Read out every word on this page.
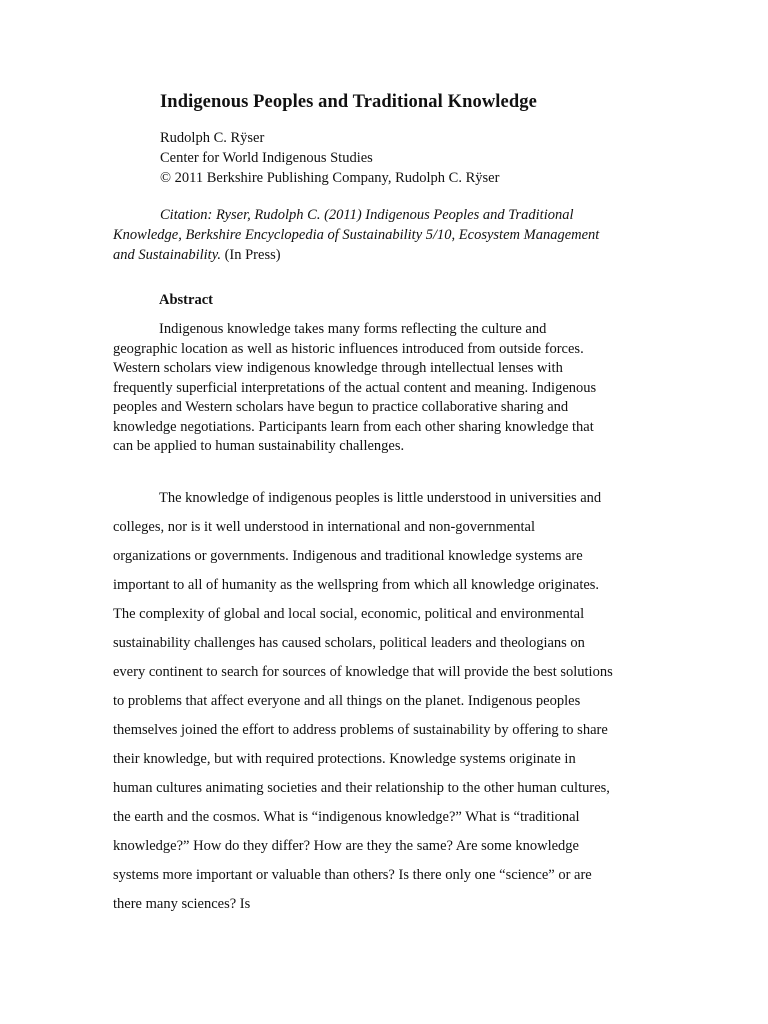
Indigenous Peoples and Traditional Knowledge
Rudolph C. Rÿser
Center for World Indigenous Studies
© 2011 Berkshire Publishing Company, Rudolph C. Rÿser

Citation: Ryser, Rudolph C. (2011) Indigenous Peoples and Traditional Knowledge, Berkshire Encyclopedia of Sustainability 5/10, Ecosystem Management and Sustainability. (In Press)

Abstract

Indigenous knowledge takes many forms reflecting the culture and geographic location as well as historic influences introduced from outside forces. Western scholars view indigenous knowledge through intellectual lenses with frequently superficial interpretations of the actual content and meaning. Indigenous peoples and Western scholars have begun to practice collaborative sharing and knowledge negotiations. Participants learn from each other sharing knowledge that can be applied to human sustainability challenges.

The knowledge of indigenous peoples is little understood in universities and colleges, nor is it well understood in international and non-governmental organizations or governments. Indigenous and traditional knowledge systems are important to all of humanity as the wellspring from which all knowledge originates. The complexity of global and local social, economic, political and environmental sustainability challenges has caused scholars, political leaders and theologians on every continent to search for sources of knowledge that will provide the best solutions to problems that affect everyone and all things on the planet. Indigenous peoples themselves joined the effort to address problems of sustainability by offering to share their knowledge, but with required protections. Knowledge systems originate in human cultures animating societies and their relationship to the other human cultures, the earth and the cosmos. What is “indigenous knowledge?” What is “traditional knowledge?” How do they differ? How are they the same? Are some knowledge systems more important or valuable than others? Is there only one “science” or are there many sciences? Is
